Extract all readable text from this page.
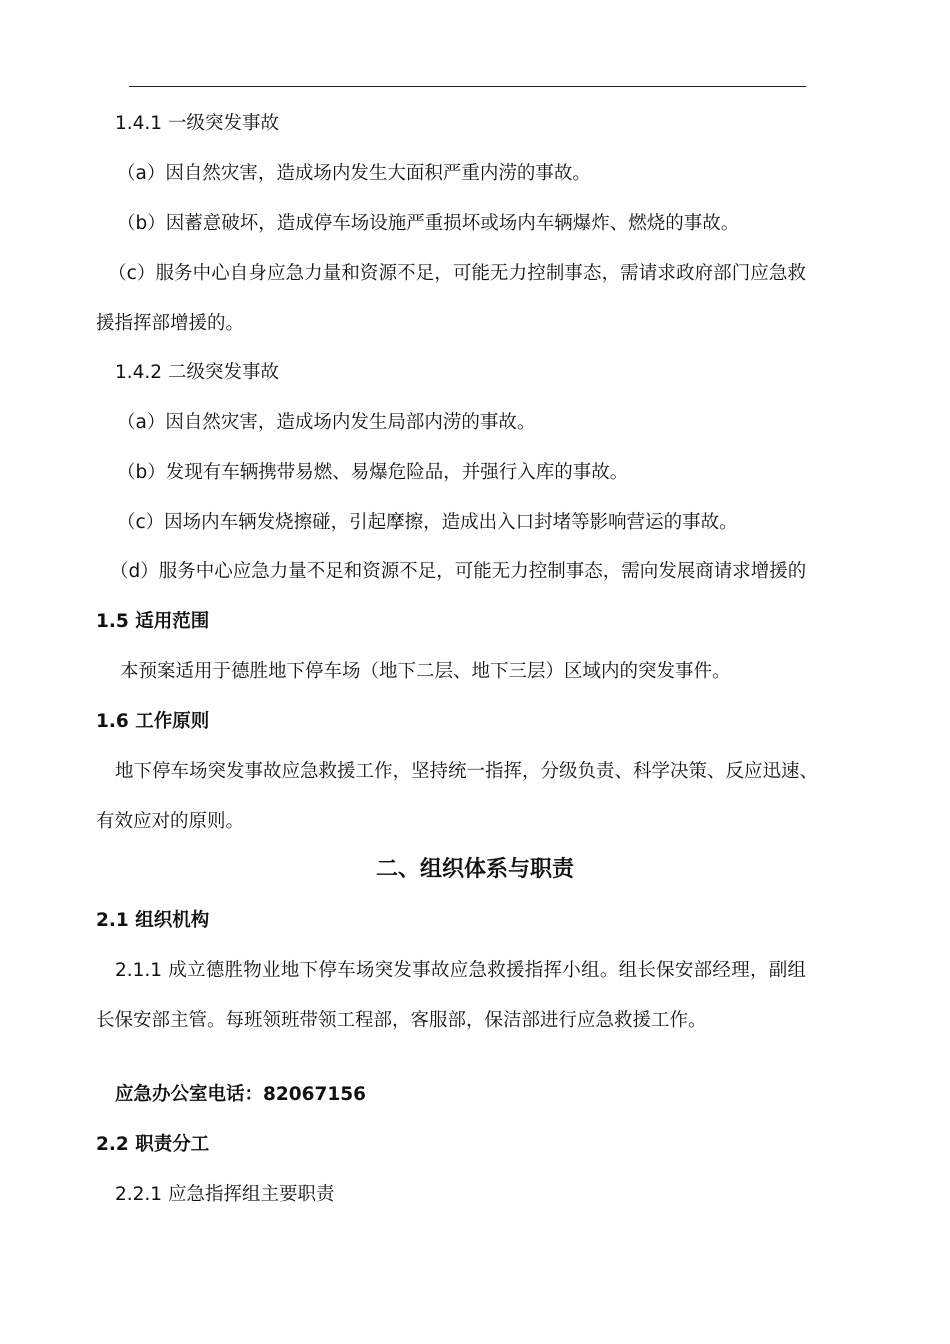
1.4.1 一级突发事故
（a）因自然灾害，造成场内发生大面积严重内涝的事故。
（b）因蓄意破坏，造成停车场设施严重损坏或场内车辆爆炸、燃烧的事故。
（c）服务中心自身应急力量和资源不足，可能无力控制事态，需请求政府部门应急救
援指挥部增援的。
1.4.2 二级突发事故
（a）因自然灾害，造成场内发生局部内涝的事故。
（b）发现有车辆携带易燃、易爆危险品，并强行入库的事故。
（c）因场内车辆发烧擦碰，引起摩擦，造成出入口封堵等影响营运的事故。
（d）服务中心应急力量不足和资源不足，可能无力控制事态，需向发展商请求增援的
1.5 适用范围
本预案适用于德胜地下停车场（地下二层、地下三层）区域内的突发事件。
1.6 工作原则
地下停车场突发事故应急救援工作，坚持统一指挥，分级负责、科学决策、反应迅速、
有效应对的原则。
二、组织体系与职责
2.1 组织机构
2.1.1 成立德胜物业地下停车场突发事故应急救援指挥小组。组长保安部经理，副组
长保安部主管。每班领班带领工程部，客服部，保洁部进行应急救援工作。
应急办公室电话：82067156
2.2 职责分工
2.2.1 应急指挥组主要职责
